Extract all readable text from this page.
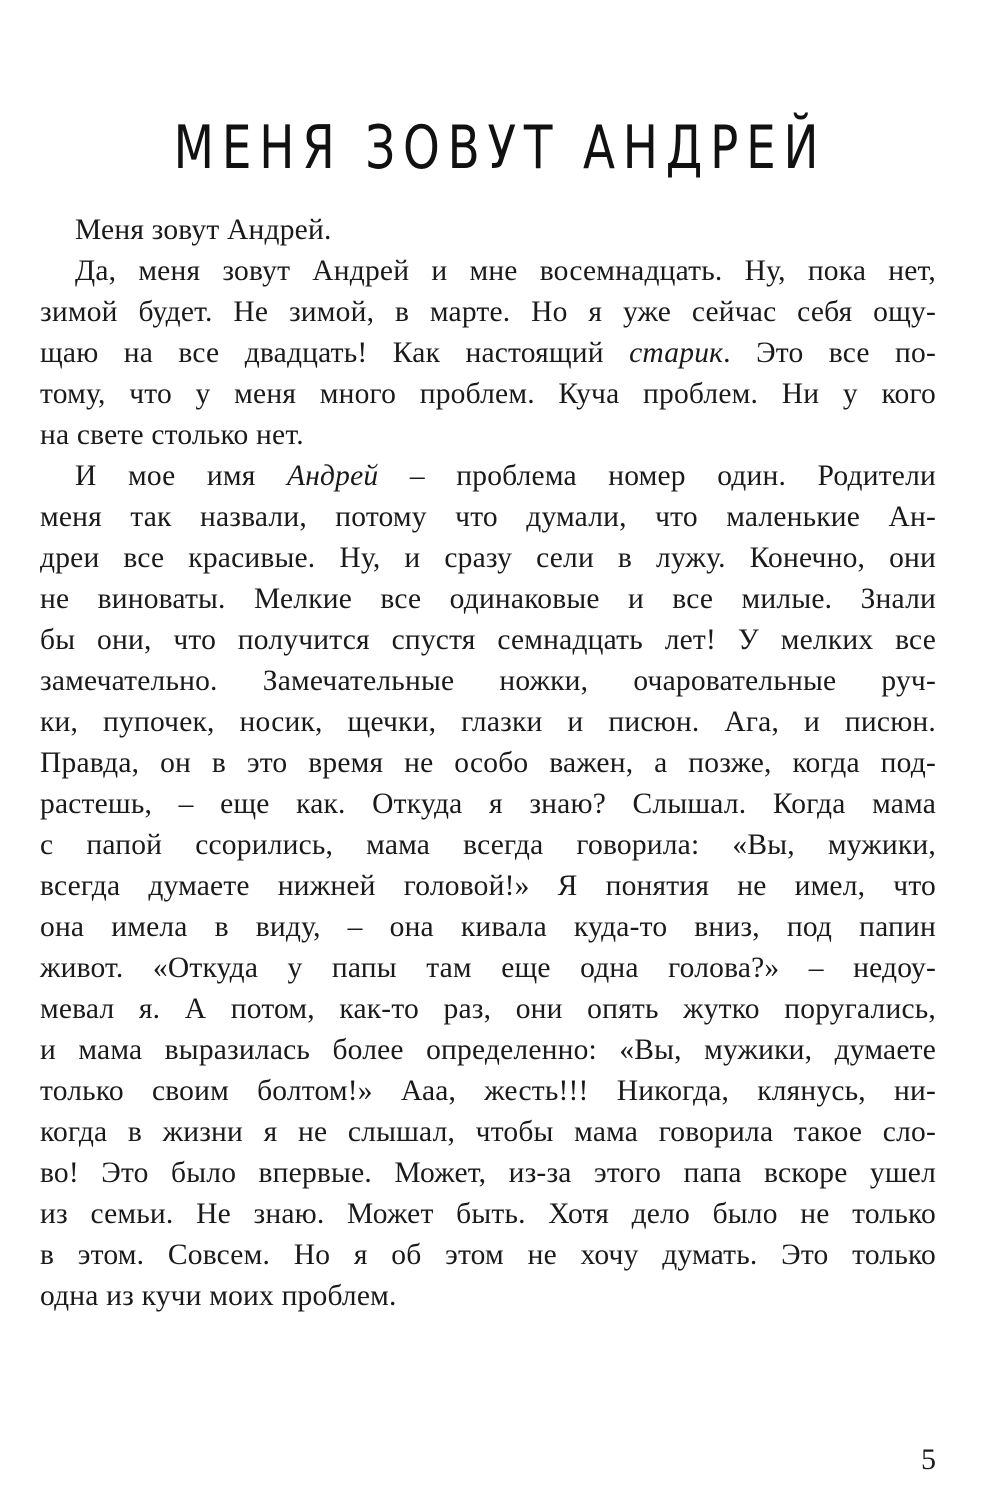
МЕНЯ ЗОВУТ АНДРЕЙ
Меня зовут Андрей.
Да, меня зовут Андрей и мне восемнадцать. Ну, пока нет,
зимой будет. Не зимой, в марте. Но я уже сейчас себя ощу-
щаю на все двадцать! Как настоящий старик. Это все по-
тому, что у меня много проблем. Куча проблем. Ни у кого
на свете столько нет.
И мое имя Андрей – проблема номер один. Родители
меня так назвали, потому что думали, что маленькие Ан-
дреи все красивые. Ну, и сразу сели в лужу. Конечно, они
не виноваты. Мелкие все одинаковые и все милые. Знали
бы они, что получится спустя семнадцать лет! У мелких все
замечательно. Замечательные ножки, очаровательные руч-
ки, пупочек, носик, щечки, глазки и писюн. Ага, и писюн.
Правда, он в это время не особо важен, а позже, когда под-
растешь, – еще как. Откуда я знаю? Слышал. Когда мама
с папой ссорились, мама всегда говорила: «Вы, мужики,
всегда думаете нижней головой!» Я понятия не имел, что
она имела в виду, – она кивала куда-то вниз, под папин
живот. «Откуда у папы там еще одна голова?» – недоу-
мевал я. А потом, как-то раз, они опять жутко поругались,
и мама выразилась более определенно: «Вы, мужики, думаете
только своим болтом!» Ааа, жесть!!! Никогда, клянусь, ни-
когда в жизни я не слышал, чтобы мама говорила такое сло-
во! Это было впервые. Может, из-за этого папа вскоре ушел
из семьи. Не знаю. Может быть. Хотя дело было не только
в этом. Совсем. Но я об этом не хочу думать. Это только
одна из кучи моих проблем.
5
